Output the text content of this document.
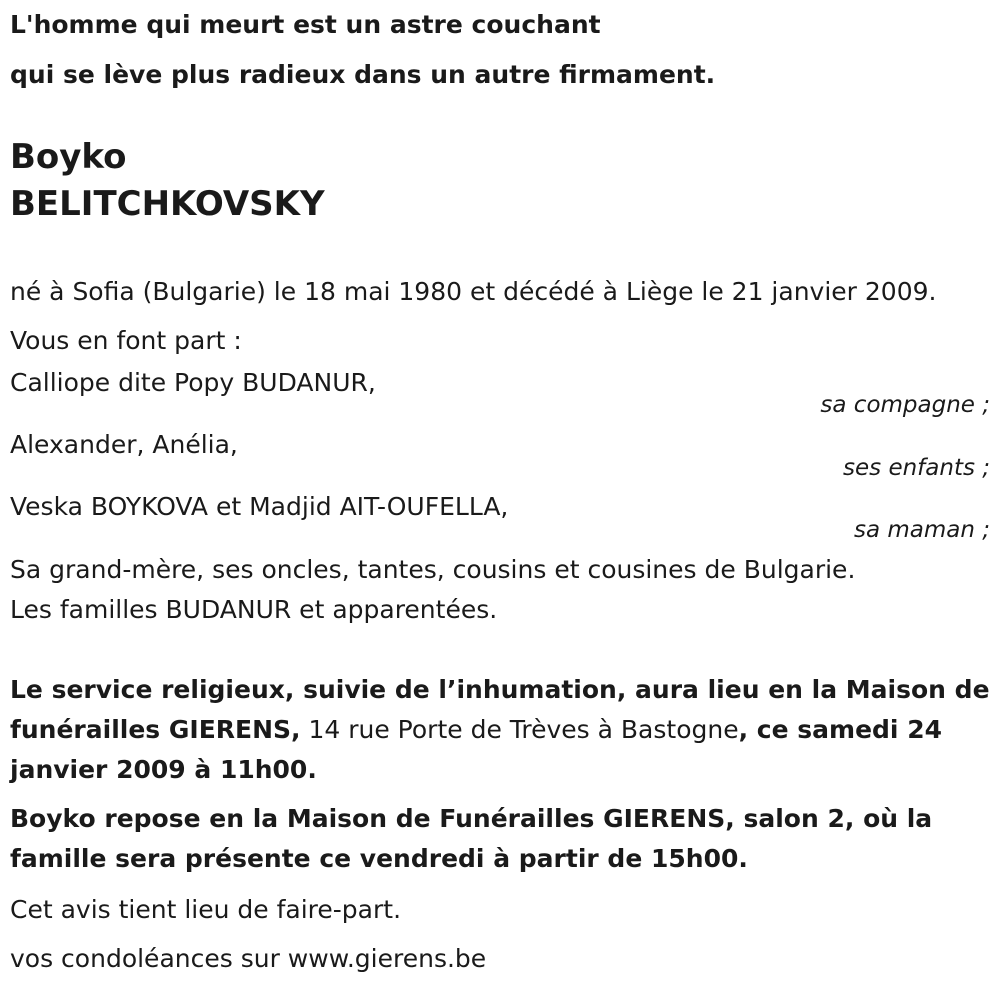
L'homme qui meurt est un astre couchant
qui se lève plus radieux dans un autre firmament.
Boyko
BELITCHKOVSKY
né à Sofia (Bulgarie) le 18 mai 1980 et décédé à Liège le 21 janvier 2009.
Vous en font part :
Calliope dite Popy BUDANUR,
sa compagne ;
Alexander, Anélia,
ses enfants ;
Veska BOYKOVA et Madjid AIT-OUFELLA,
sa maman ;
Sa grand-mère, ses oncles, tantes, cousins et cousines de Bulgarie.
Les familles BUDANUR et apparentées.
Le service religieux, suivie de l’inhumation, aura lieu en la Maison de
funérailles GIERENS, 14 rue Porte de Trèves à Bastogne, ce samedi 24
janvier 2009 à 11h00.
Boyko repose en la Maison de Funérailles GIERENS, salon 2, où la
famille sera présente ce vendredi à partir de 15h00.
Cet avis tient lieu de faire-part.
vos condoléances sur www.gierens.be
